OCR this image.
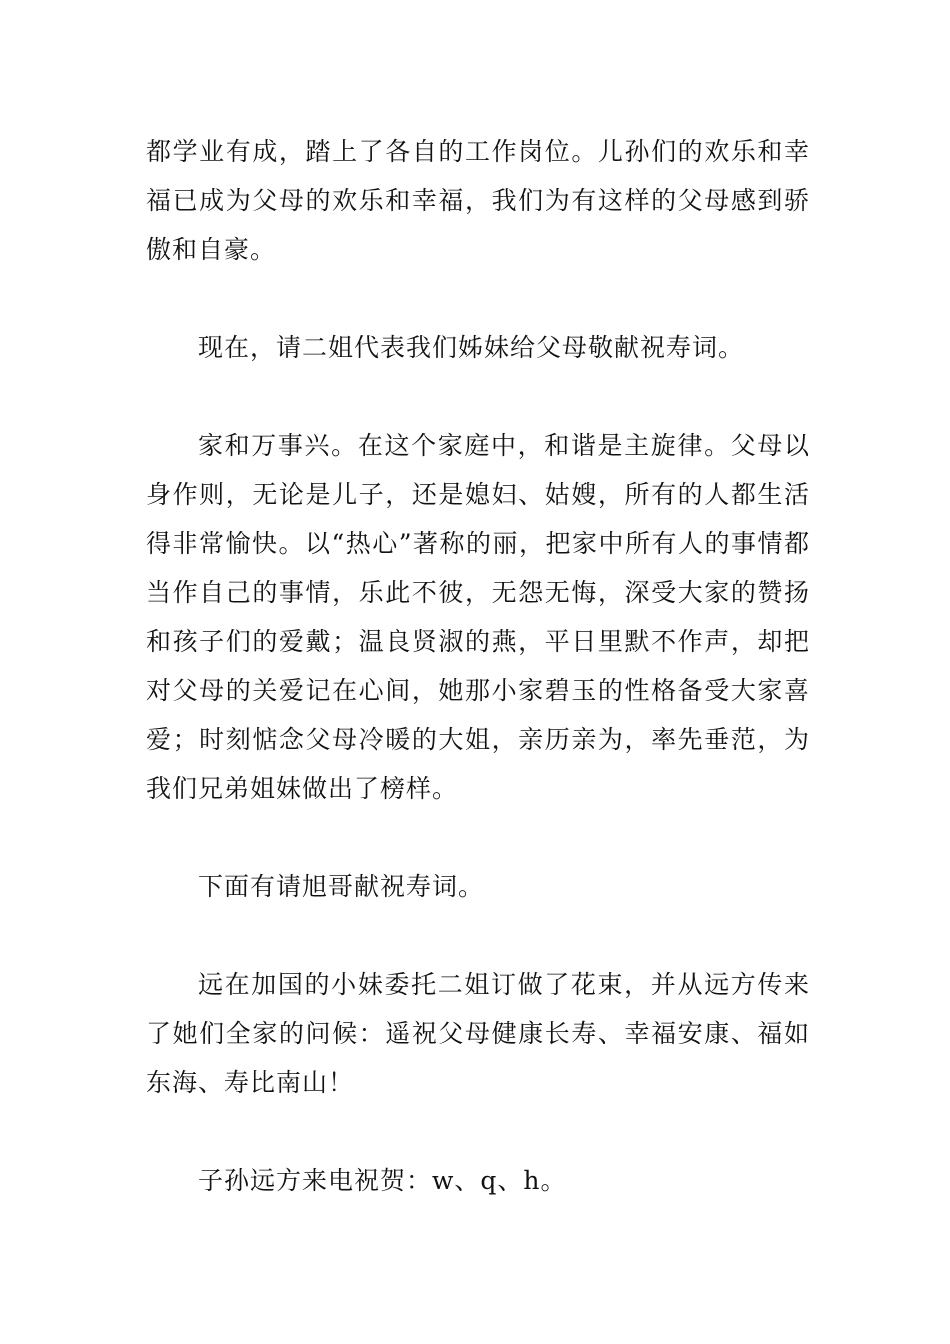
都学业有成，踏上了各自的工作岗位。儿孙们的欢乐和幸福已成为父母的欢乐和幸福，我们为有这样的父母感到骄傲和自豪。

现在，请二姐代表我们姊妹给父母敬献祝寿词。

家和万事兴。在这个家庭中，和谐是主旋律。父母以身作则，无论是儿子，还是媳妇、姑嫂，所有的人都生活得非常愉快。以“热心”著称的丽，把家中所有人的事情都当作自己的事情，乐此不彼，无怨无悔，深受大家的赞扬和孩子们的爱戴；温良贤淑的燕，平日里默不作声，却把对父母的关爱记在心间，她那小家碧玉的性格备受大家喜爱；时刻惦念父母冷暖的大姐，亲历亲为，率先垂范，为我们兄弟姐妹做出了榜样。

下面有请旭哥献祝寿词。

远在加国的小妹委托二姐订做了花束，并从远方传来了她们全家的问候：遥祝父母健康长寿、幸福安康、福如东海、寿比南山！

子孙远方来电祝贺：w、q、h。
